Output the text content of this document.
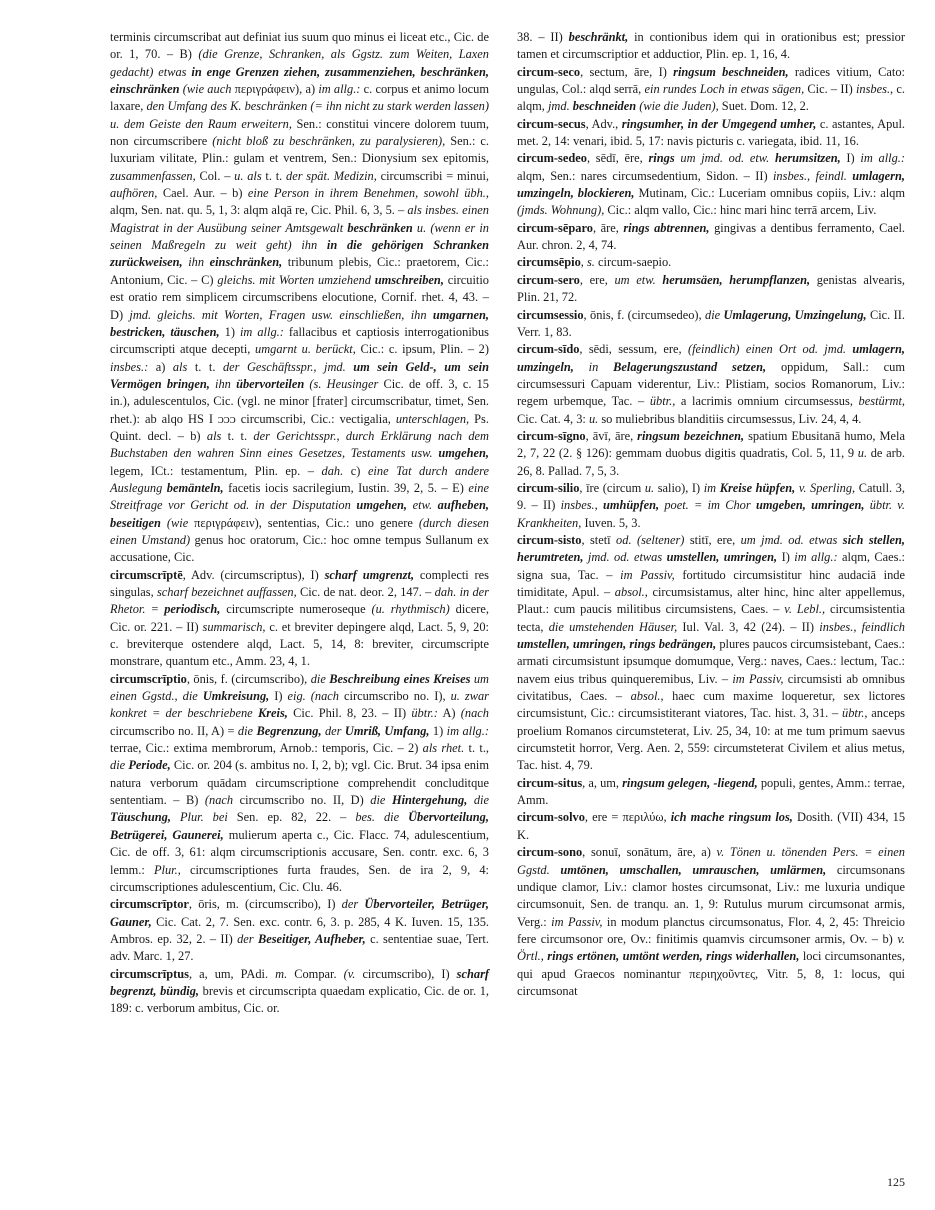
terminis circumscribat aut definiat ius suum quo minus ei liceat etc., Cic. de or. 1, 70. – B) (die Grenze, Schranken, als Ggstz. zum Weiten, Laxen gedacht) etwas in enge Grenzen ziehen, zusammenziehen, beschränken, einschränken (wie auch περιγράφειν), a) im allg.: c. corpus et animo locum laxare, den Umfang des K. beschränken (= ihn nicht zu stark werden lassen) u. dem Geiste den Raum erweitern, Sen.: constitui vincere dolorem tuum, non circumscribere (nicht bloß zu beschränken, zu paralysieren), Sen.: c. luxuriam vilitate, Plin.: gulam et ventrem, Sen.: Dionysium sex epitomis, zusammenfassen, Col. – u. als t. t. der spät. Medizin, circumscribi = minui, aufhören, Cael. Aur. – b) eine Person in ihrem Benehmen, sowohl übh., alqm, Sen. nat. qu. 5, 1, 3: alqm alqā re, Cic. Phil. 6, 3, 5. – als insbes. einen Magistrat in der Ausübung seiner Amtsgewalt beschränken u. (wenn er in seinen Maßregeln zu weit geht) ihn in die gehörigen Schranken zurückweisen, ihn einschränken, tribunum plebis, Cic.: praetorem, Cic.: Antonium, Cic. – C) gleichs. mit Worten umziehend umschreiben, circuitio est oratio rem simplicem circumscribens elocutione, Cornif. rhet. 4, 43. – D) jmd. gleichs. mit Worten, Fragen usw. einschließen, ihn umgarnen, bestricken, täuschen, 1) im allg.: fallacibus et captiosis interrogationibus circumscripti atque decepti, umgarnt u. berückt, Cic.: c. ipsum, Plin. – 2) insbes.: a) als t. t. der Geschäftsspr., jmd. um sein Geld-, um sein Vermögen bringen, ihn übervorteilen (s. Heusinger Cic. de off. 3, c. 15 in.), adulescentulos, Cic. (vgl. ne minor [frater] circumscribatur, timet, Sen. rhet.): ab alqo HS I ᴐᴐᴐ circumscribi, Cic.: vectigalia, unterschlagen, Ps. Quint. decl. – b) als t. t. der Gerichtsspr., durch Erklärung nach dem Buchstaben den wahren Sinn eines Gesetzes, Testaments usw. umgehen, legem, ICt.: testamentum, Plin. ep. – dah. c) eine Tat durch andere Auslegung bemänteln, facetis iocis sacrilegium, Iustin. 39, 2, 5. – E) eine Streitfrage vor Gericht od. in der Disputation umgehen, etw. aufheben, beseitigen (wie περιγράφειν), sententias, Cic.: uno genere (durch diesen einen Umstand) genus hoc oratorum, Cic.: hoc omne tempus Sullanum ex accusatione, Cic.

circumscrīptē, Adv. (circumscriptus), I) scharf umgrenzt, complecti res singulas, scharf bezeichnet auffassen, Cic. de nat. deor. 2, 147. – dah. in der Rhetor. = periodisch, circumscripte numeroseque (u. rhythmisch) dicere, Cic. or. 221. – II) summarisch, c. et breviter depingere alqd, Lact. 5, 9, 20: c. breviterque ostendere alqd, Lact. 5, 14, 8: breviter, circumscripte monstrare, quantum etc., Amm. 23, 4, 1.

circumscrīptio, ōnis, f. (circumscribo), die Beschreibung eines Kreises um einen Ggstd., die Umkreisung, I) eig. (nach circumscribo no. I), u. zwar konkret = der beschriebene Kreis, Cic. Phil. 8, 23. – II) übtr.: A) (nach circumscribo no. II, A) = die Begrenzung, der Umriß, Umfang, 1) im allg.: terrae, Cic.: extima membrorum, Arnob.: temporis, Cic. – 2) als rhet. t. t., die Periode, Cic. or. 204 (s. ambitus no. I, 2, b); vgl. Cic. Brut. 34 ipsa enim natura verborum quādam circumscriptione comprehendit concluditque sententiam. – B) (nach circumscribo no. II, D) die Hintergehung, die Täuschung, Plur. bei Sen. ep. 82, 22. – bes. die Übervorteilung, Betrügerei, Gaunerei, mulierum aperta c., Cic. Flacc. 74, adulescentium, Cic. de off. 3, 61: alqm circumscriptionis accusare, Sen. contr. exc. 6, 3 lemm.: Plur., circumscriptiones furta fraudes, Sen. de ira 2, 9, 4: circumscriptiones adulescentium, Cic. Clu. 46.

circumscrīptor, ōris, m. (circumscribo), I) der Übervorteiler, Betrüger, Gauner, Cic. Cat. 2, 7. Sen. exc. contr. 6, 3. p. 285, 4 K. Iuven. 15, 135. Ambros. ep. 32, 2. – II) der Beseitiger, Aufheber, c. sententiae suae, Tert. adv. Marc. 1, 27.

circumscrīptus, a, um, PAdi. m. Compar. (v. circumscribo), I) scharf begrenzt, bündig, brevis et circumscripta quaedam explicatio, Cic. de or. 1, 189: c. verborum ambitus, Cic. or.

38. – II) beschränkt, in contionibus idem qui in orationibus est; pressior tamen et circumscriptior et adductior, Plin. ep. 1, 16, 4.

circum-seco, sectum, āre, I) ringsum beschneiden, radices vitium, Cato: ungulas, Col.: alqd serrā, ein rundes Loch in etwas sägen, Cic. – II) insbes., c. alqm, jmd. beschneiden (wie die Juden), Suet. Dom. 12, 2.

circum-secus, Adv., ringsumher, in der Umgegend umher, c. astantes, Apul. met. 2, 14: venari, ibid. 5, 17: navis picturis c. variegata, ibid. 11, 16.

circum-sedeo, sēdī, ēre, rings um jmd. od. etw. herumsitzen, I) im allg.: alqm, Sen.: nares circumsedentium, Sidon. – II) insbes., feindl. umlagern, umzingeln, blockieren, Mutinam, Cic.: Luceriam omnibus copiis, Liv.: alqm (jmds. Wohnung), Cic.: alqm vallo, Cic.: hinc mari hinc terrā arcem, Liv.

circum-sēparo, āre, rings abtrennen, gingivas a dentibus ferramento, Cael. Aur. chron. 2, 4, 74.

circumsēpio, s. circum-saepio.

circum-sero, ere, um etw. herumsäen, herumpflanzen, genistas alvearis, Plin. 21, 72.

circumsessio, ōnis, f. (circumsedeo), die Umlagerung, Umzingelung, Cic. II. Verr. 1, 83.

circum-sīdo, sēdi, sessum, ere, (feindlich) einen Ort od. jmd. umlagern, umzingeln, in Belagerungszustand setzen, oppidum, Sall.: cum circumsessuri Capuam viderentur, Liv.: Plistiam, socios Romanorum, Liv.: regem urbemque, Tac. – übtr., a lacrimis omnium circumsessus, bestürmt, Cic. Cat. 4, 3: u. so muliebribus blanditiis circumsessus, Liv. 24, 4, 4.

circum-sīgno, āvī, āre, ringsum bezeichnen, spatium Ebusitanā humo, Mela 2, 7, 22 (2. § 126): gemmam duobus digitis quadratis, Col. 5, 11, 9 u. de arb. 26, 8. Pallad. 7, 5, 3.

circum-silio, īre (circum u. salio), I) im Kreise hüpfen, v. Sperling, Catull. 3, 9. – II) insbes., umhüpfen, poet. = im Chor umgeben, umringen, übtr. v. Krankheiten, Iuven. 5, 3.

circum-sisto, stetī od. (seltener) stitī, ere, um jmd. od. etwas sich stellen, herumtreten, jmd. od. etwas umstellen, umringen, I) im allg.: alqm, Caes.: signa sua, Tac. – im Passiv, fortitudo circumsistitur hinc audaciā inde timiditate, Apul. – absol., circumsistamus, alter hinc, hinc alter appellemus, Plaut.: cum paucis militibus circumsistens, Caes. – v. Lebl., circumsistentia tecta, die umstehenden Häuser, Iul. Val. 3, 42 (24). – II) insbes., feindlich umstellen, umringen, rings bedrängen, plures paucos circumsistebant, Caes.: armati circumsistunt ipsumque domumque, Verg.: naves, Caes.: lectum, Tac.: navem eius tribus quinqueremibus, Liv. – im Passiv, circumsisti ab omnibus civitatibus, Caes. – absol., haec cum maxime loqueretur, sex lictores circumsistunt, Cic.: circumsistiterant viatores, Tac. hist. 3, 31. – übtr., anceps proelium Romanos circumsteterat, Liv. 25, 34, 10: at me tum primum saevus circumstetit horror, Verg. Aen. 2, 559: circumsteterat Civilem et alius metus, Tac. hist. 4, 79.

circum-situs, a, um, ringsum gelegen, -liegend, populi, gentes, Amm.: terrae, Amm.

circum-solvo, ere = περιλύω, ich mache ringsum los, Dosith. (VII) 434, 15 K.

circum-sono, sonuī, sonātum, āre, a) v. Tönen u. tönenden Pers. = einen Ggstd. umtönen, umschallen, umrauschen, umlärmen, circumsonans undique clamor, Liv.: clamor hostes circumsonat, Liv.: me luxuria undique circumsonuit, Sen. de tranqu. an. 1, 9: Rutulus murum circumsonat armis, Verg.: im Passiv, in modum planctus circumsonatus, Flor. 4, 2, 45: Threicio fere circumsonor ore, Ov.: finitimis quamvis circumsoner armis, Ov. – b) v. Örtl., rings ertönen, umtönt werden, rings widerhallen, loci circumsonantes, qui apud Graecos nominantur περιηχοῦντες, Vitr. 5, 8, 1: locus, qui circumsonat

125
